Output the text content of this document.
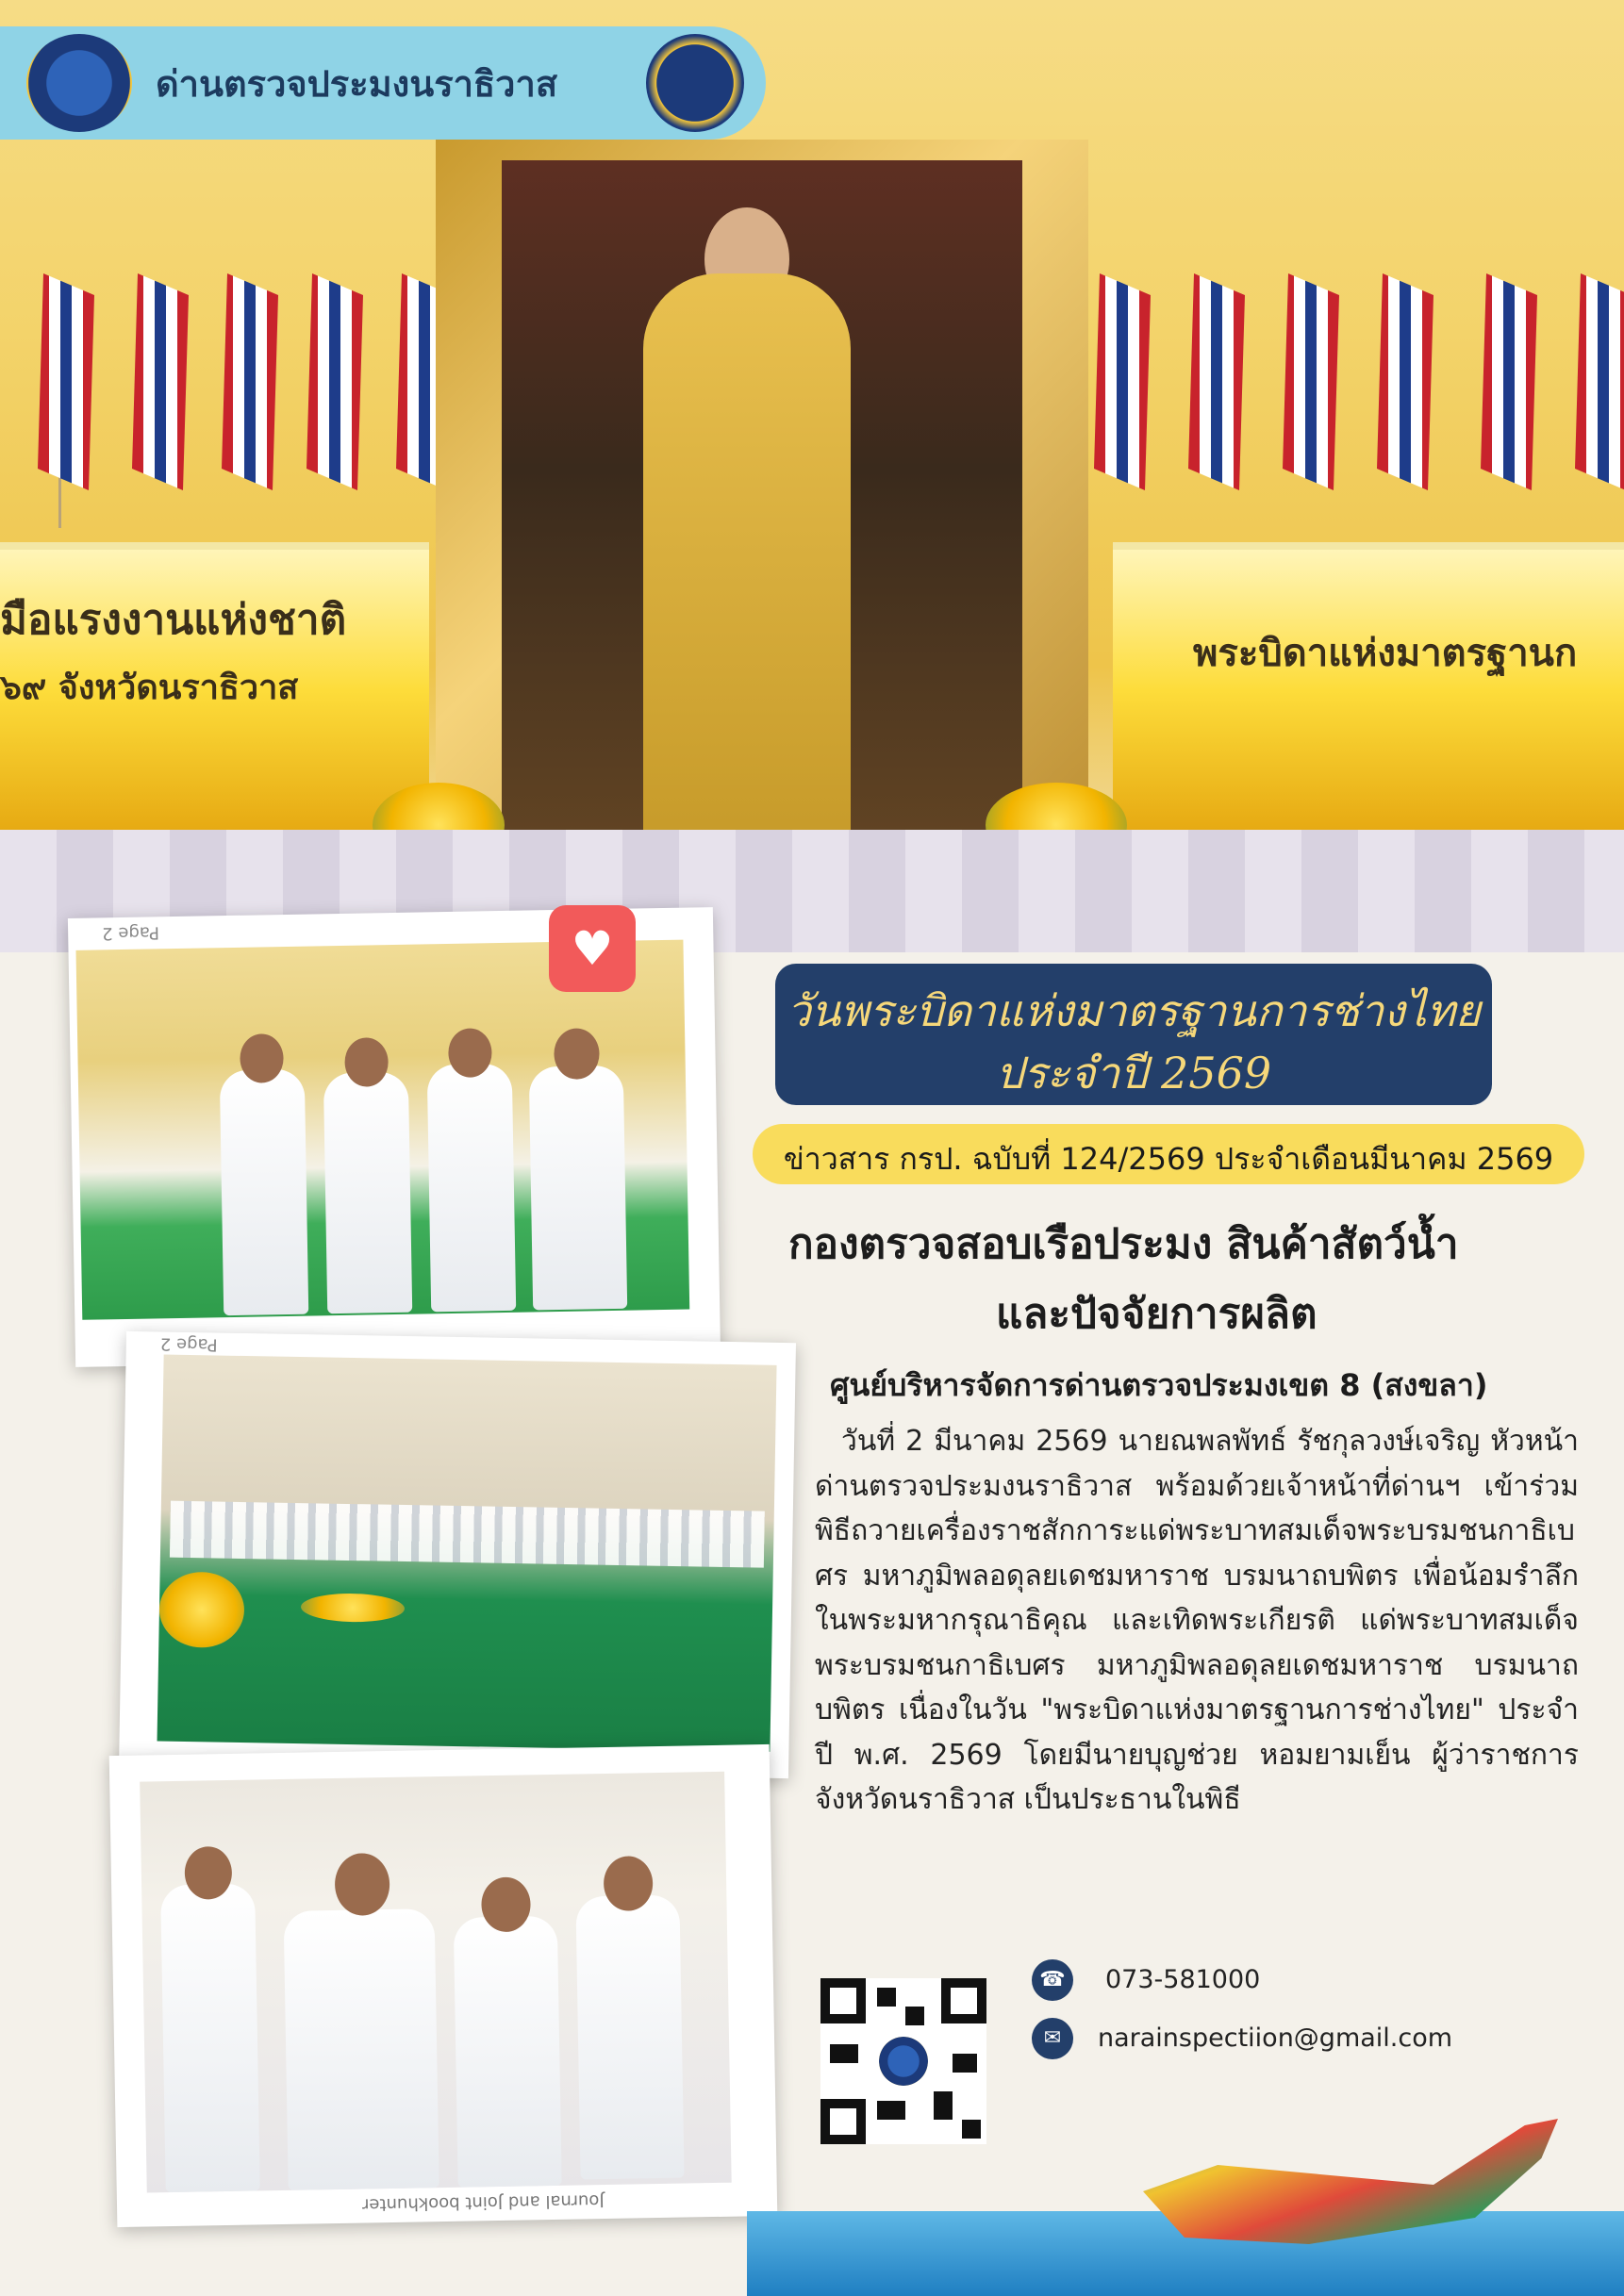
มือแรงงานแห่งชาติ
๖๙ จังหวัดนราธิวาส
พระบิดาแห่งมาตรฐานก
ด่านตรวจประมงนราธิวาส
Page 2	♥
Page 2
Journal and Joint bookhunter
วันพระบิดาแห่งมาตรฐานการช่างไทย
ประจำปี 2569
ข่าวสาร กรป. ฉบับที่ 124/2569 ประจำเดือนมีนาคม 2569
กองตรวจสอบเรือประมง สินค้าสัตว์น้ำ
และปัจจัยการผลิต
ศูนย์บริหารจัดการด่านตรวจประมงเขต 8 (สงขลา)
วันที่ 2 มีนาคม 2569 นายณพลพัทธ์ รัชกุลวงษ์เจริญ หัวหน้าด่านตรวจประมงนราธิวาส พร้อมด้วยเจ้าหน้าที่ด่านฯ เข้าร่วมพิธีถวายเครื่องราชสักการะแด่พระบาทสมเด็จพระบรมชนกาธิเบศร มหาภูมิพลอดุลยเดชมหาราช บรมนาถบพิตร เพื่อน้อมรำลึกในพระมหากรุณาธิคุณ และเทิดพระเกียรติ แด่พระบาทสมเด็จพระบรมชนกาธิเบศร มหาภูมิพลอดุลยเดชมหาราช บรมนาถบพิตร เนื่องในวัน "พระบิดาแห่งมาตรฐานการช่างไทย" ประจำปี พ.ศ. 2569 โดยมีนายบุญช่วย หอมยามเย็น ผู้ว่าราชการจังหวัดนราธิวาส เป็นประธานในพิธี
☎	073-581000
✉	narainspectiion@gmail.com
